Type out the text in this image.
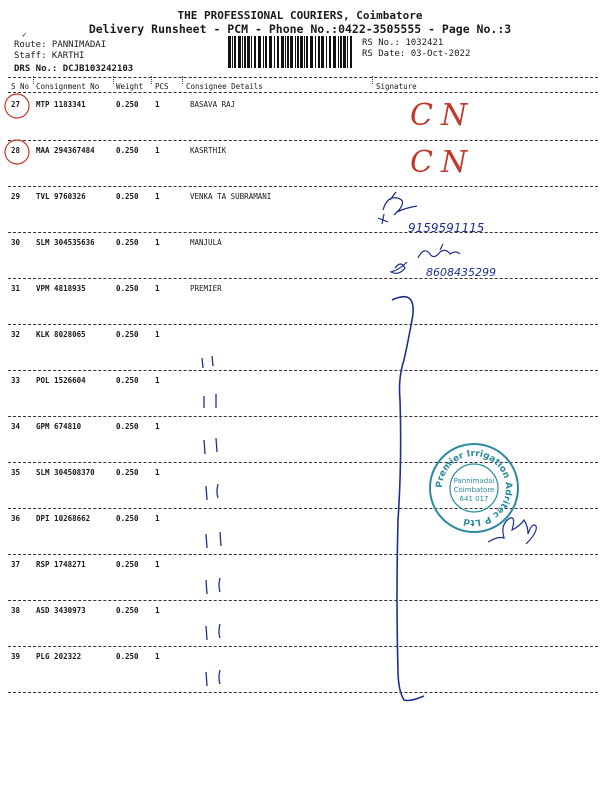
✓
THE PROFESSIONAL COURIERS, Coimbatore
Delivery Runsheet - PCM - Phone No.:0422-3505555 - Page No.:3
Route: PANNIMADAI
Staff: KARTHI
DRS No.: DCJB103242103
RS No.: 1032421
RS Date: 03-Oct-2022
S No Consignment No Weight PCS Consignee Details	Signature
27 MTP 1183341	0.250 1	BASAVA RAJ
28 MAA 294367484	0.250 1	KASRTHIK
29 TVL 9760326	0.250 1	VENKA TA SUBRAMANI
30 SLM 304535636	0.250 1	MANJULA
31 VPM 4818935	0.250 1	PREMIER
32 KLK 8028065	0.250 1
33 POL 1526604	0.250 1
34 GPM 674810	0.250 1
35 SLM 304508370	0.250 1
36 DPI 10268662	0.250 1
37 RSP 1748271	0.250 1
38 ASD 3430973	0.250 1
39 PLG 202322	0.250 1
CN
CN
9159591115
8608435299
Premier Irrigation Adritec P Ltd
Pannimadai
Coimbatore
641 017
